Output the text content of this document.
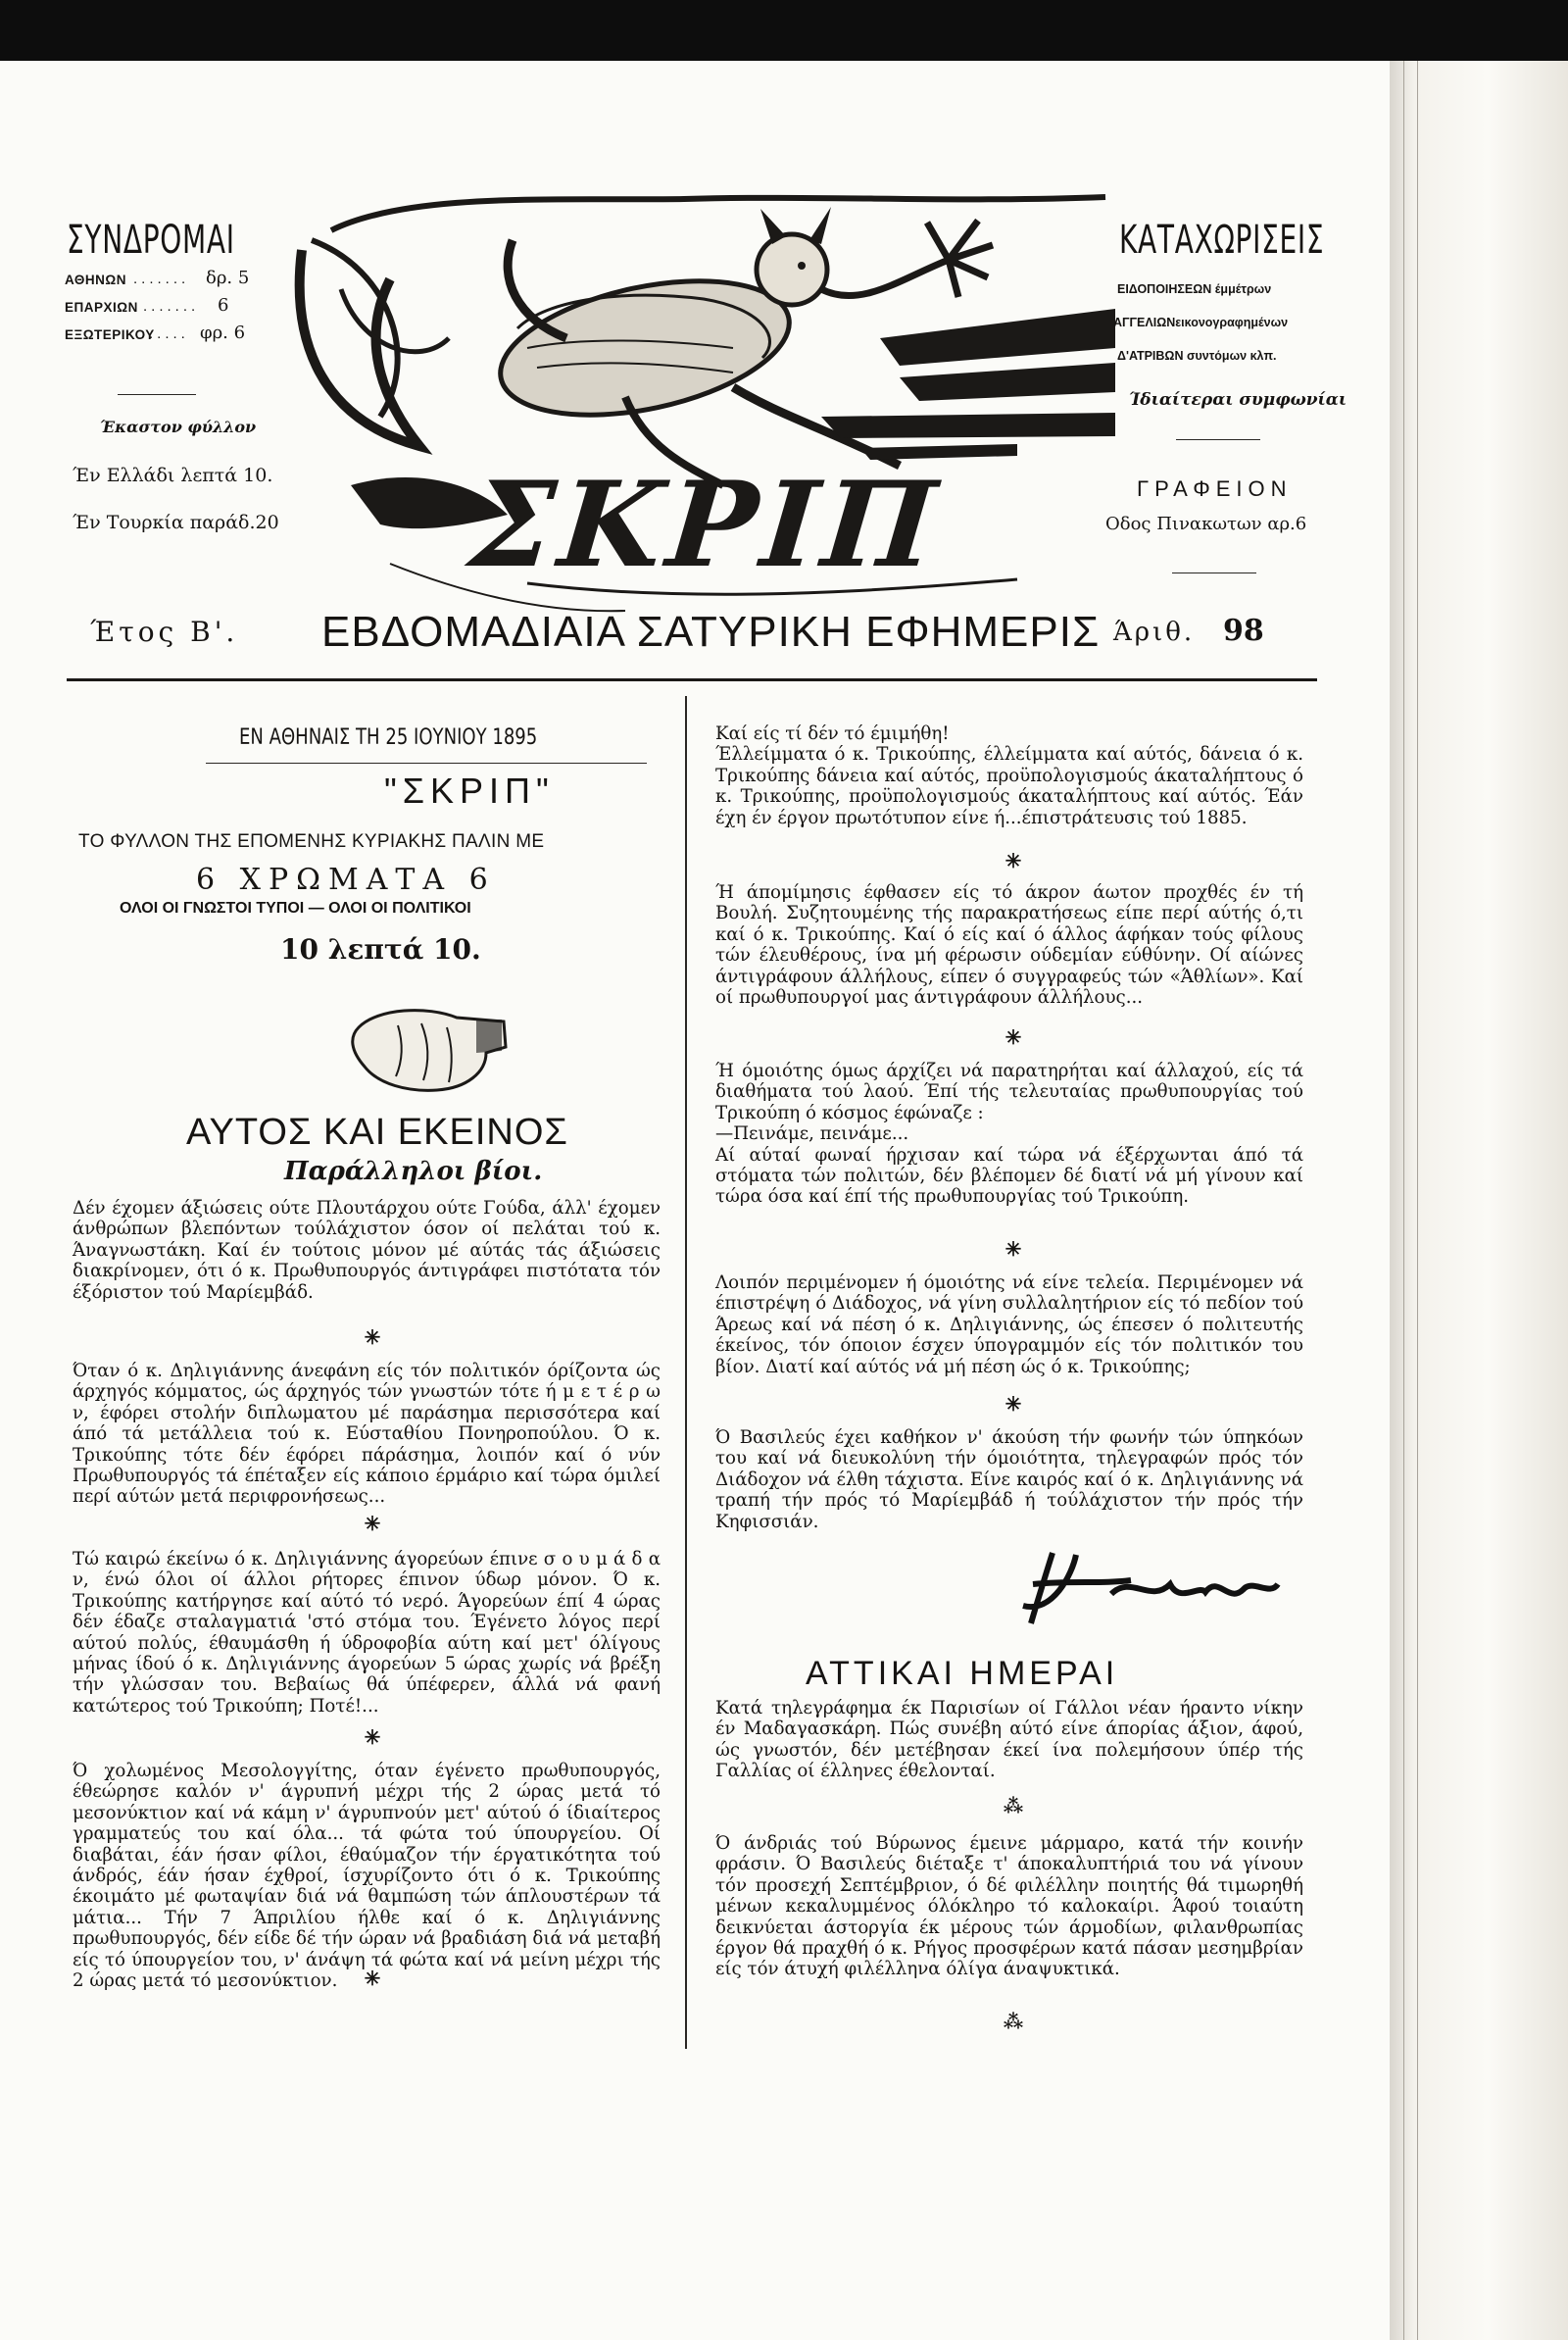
ΣΥΝΔΡΟΜΑΙ
ΑΘΗΝΩΝ ....... δρ. 5
ΕΠΑΡΧΙΩΝ ....... 6
ΕΞΩΤΕΡΙΚΟΥ
..... φρ. 6
Έκαστον φύλλον
Έν Ελλάδι λεπτά 10.
Έν Τουρκία παράδ.20 ΣΚΡΙΠ
ΚΑΤΑΧΩΡΙΣΕΙΣ
ΕΙΔΟΠΟΙΗΣΕΩΝ έμμέτρων
ΑΓΓΕΛΙΩΝεικονογραφημένων
Δ'ΑΤΡΙΒΩΝ συντόμων κλπ.
Ίδιαίτεραι συμφωνίαι
ΓΡΑΦΕΙΟΝ
Οδος Πινακωτων αρ.6
Έτος Β'. ΕΒΔΟΜΑΔΙΑΙΑ ΣΑΤΥΡΙΚΗ ΕΦΗΜΕΡΙΣ Άριθ. 98
ΕΝ ΑΘΗΝΑΙΣ ΤΗ 25 ΙΟΥΝΙΟΥ 1895
"ΣΚΡΙΠ"
ΤΟ ΦΥΛΛΟΝ ΤΗΣ ΕΠΟΜΕΝΗΣ ΚΥΡΙΑΚΗΣ ΠΑΛΙΝ ΜΕ
6 ΧΡΩΜΑΤΑ 6
ΟΛΟΙ ΟΙ ΓΝΩΣΤΟΙ ΤΥΠΟΙ — ΟΛΟΙ ΟΙ ΠΟΛΙΤΙΚΟΙ
10 λεπτά 10.
ΑΥΤΟΣ ΚΑΙ ΕΚΕΙΝΟΣ
Παράλληλοι βίοι.
Δέν έχομεν άξιώσεις ούτε Πλουτάρχου ούτε Γούδα, άλλ' έχομεν άνθρώπων βλεπόντων τούλάχιστον όσον οί πελάται τού κ. Άναγνωστάκη. Καί έν τούτοις μόνον μέ αύτάς τάς άξιώσεις διακρίνομεν, ότι ό κ. Πρωθυπουργός άντιγράφει πιστότατα τόν έξόριστον τού Μαρίεμβάδ.
✳
Όταν ό κ. Δηλιγιάννης άνεφάνη είς τόν πολιτικόν όρίζοντα ώς άρχηγός κόμματος, ώς άρχηγός τών γνωστών τότε ή μ ε τ έ ρ ω ν, έφόρει στολήν διπλωματου μέ παράσημα περισσότερα καί άπό τά μετάλλεια τού κ. Εύσταθίου Πονηροπούλου. Ό κ. Τρικούπης τότε δέν έφόρει πάράσημα, λοιπόν καί ό νύν Πρωθυπουργός τά έπέταξεν είς κάποιο έρμάριο καί τώρα όμιλεί περί αύτών μετά περιφρονήσεως...
✳
Τώ καιρώ έκείνω ό κ. Δηλιγιάννης άγορεύων έπινε σ ο υ μ ά δ α ν, ένώ όλοι οί άλλοι ρήτορες έπινον ύδωρ μόνον. Ό κ. Τρικούπης κατήργησε καί αύτό τό νερό. Άγορεύων έπί 4 ώρας δέν έδαζε σταλαγματιά 'στό στόμα του. Έγένετο λόγος περί αύτού πολύς, έθαυμάσθη ή ύδροφοβία αύτη καί μετ' όλίγους μήνας ίδού ό κ. Δηλιγιάννης άγορεύων 5 ώρας χωρίς νά βρέξη τήν γλώσσαν του. Βεβαίως θά ύπέφερεν, άλλά νά φανή κατώτερος τού Τρικούπη; Ποτέ!...
✳
Ό χολωμένος Μεσολογγίτης, όταν έγένετο πρωθυπουργός, έθεώρησε καλόν ν' άγρυπνή μέχρι τής 2 ώρας μετά τό μεσονύκτιον καί νά κάμη ν' άγρυπνούν μετ' αύτού ό ίδιαίτερος γραμματεύς του καί όλα... τά φώτα τού ύπουργείου. Οί διαβάται, έάν ήσαν φίλοι, έθαύμαζον τήν έργατικότητα τού άνδρός, έάν ήσαν έχθροί, ίσχυρίζοντο ότι ό κ. Τρικούπης έκοιμάτο μέ φωταψίαν διά νά θαμπώση τών άπλουστέρων τά μάτια... Τήν 7 Άπριλίου ήλθε καί ό κ. Δηλιγιάννης πρωθυπουργός, δέν είδε δέ τήν ώραν νά βραδιάση διά νά μεταβή είς τό ύπουργείον του, ν' άνάψη τά φώτα καί νά μείνη μέχρι τής 2 ώρας μετά τό μεσονύκτιον.	✳
Καί είς τί δέν τό έμιμήθη!
Έλλείμματα ό κ. Τρικούπης, έλλείμματα καί αύτός, δάνεια ό κ. Τρικούπης δάνεια καί αύτός, προϋπολογισμούς άκαταλήπτους ό κ. Τρικούπης, προϋπολογισμούς άκαταλήπτους καί αύτός. Έάν έχη έν έργον πρωτότυπον είνε ή...έπιστράτευσις τού 1885.
✳
Ή άπομίμησις έφθασεν είς τό άκρον άωτον προχθές έν τή Βουλή. Συζητουμένης τής παρακρατήσεως είπε περί αύτής ό,τι καί ό κ. Τρικούπης. Καί ό είς καί ό άλλος άφήκαν τούς φίλους τών έλευθέρους, ίνα μή φέρωσιν ούδεμίαν εύθύνην. Οί αίώνες άντιγράφουν άλλήλους, είπεν ό συγγραφεύς τών «Άθλίων». Καί οί πρωθυπουργοί μας άντιγράφουν άλλήλους...
✳
Ή όμοιότης όμως άρχίζει νά παρατηρήται καί άλλαχού, είς τά διαθήματα τού λαού. Έπί τής τελευταίας πρωθυπουργίας τού Τρικούπη ό κόσμος έφώναζε :
—Πεινάμε, πεινάμε...
Αί αύταί φωναί ήρχισαν καί τώρα νά έξέρχωνται άπό τά στόματα τών πολιτών, δέν βλέπομεν δέ διατί νά μή γίνουν καί τώρα όσα καί έπί τής πρωθυπουργίας τού Τρικούπη.
✳
Λοιπόν περιμένομεν ή όμοιότης νά είνε τελεία. Περιμένομεν νά έπιστρέψη ό Διάδοχος, νά γίνη συλλαλητήριον είς τό πεδίον τού Άρεως καί νά πέση ό κ. Δηλιγιάννης, ώς έπεσεν ό πολιτευτής έκείνος, τόν όποιον έσχεν ύπογραμμόν είς τόν πολιτικόν του βίον. Διατί καί αύτός νά μή πέση ώς ό κ. Τρικούπης;
✳
Ό Βασιλεύς έχει καθήκον ν' άκούση τήν φωνήν τών ύπηκόων του καί νά διευκολύνη τήν όμοιότητα, τηλεγραφών πρός τόν Διάδοχον νά έλθη τάχιστα. Είνε καιρός καί ό κ. Δηλιγιάννης νά τραπή τήν πρός τό Μαρίεμβάδ ή τούλάχιστον τήν πρός τήν Κηφισσιάν.
Heimbeo
ΑΤΤΙΚΑΙ ΗΜΕΡΑΙ
Κατά τηλεγράφημα έκ Παρισίων οί Γάλλοι νέαν ήραντο νίκην έν Μαδαγασκάρη. Πώς συνέβη αύτό είνε άπορίας άξιον, άφού, ώς γνωστόν, δέν μετέβησαν έκεί ίνα πολεμήσουν ύπέρ τής Γαλλίας οί έλληνες έθελονταί.
⁂
Ό άνδριάς τού Βύρωνος έμεινε μάρμαρο, κατά τήν κοινήν φράσιν. Ό Βασιλεύς διέταξε τ' άποκαλυπτήριά του νά γίνουν τόν προσεχή Σεπτέμβριον, ό δέ φιλέλλην ποιητής θά τιμωρηθή μένων κεκαλυμμένος όλόκληρο τό καλοκαίρι. Άφού τοιαύτη δεικνύεται άστοργία έκ μέρους τών άρμοδίων, φιλανθρωπίας έργον θά πραχθή ό κ. Ρήγος προσφέρων κατά πάσαν μεσημβρίαν είς τόν άτυχή φιλέλληνα όλίγα άναψυκτικά.
⁂
